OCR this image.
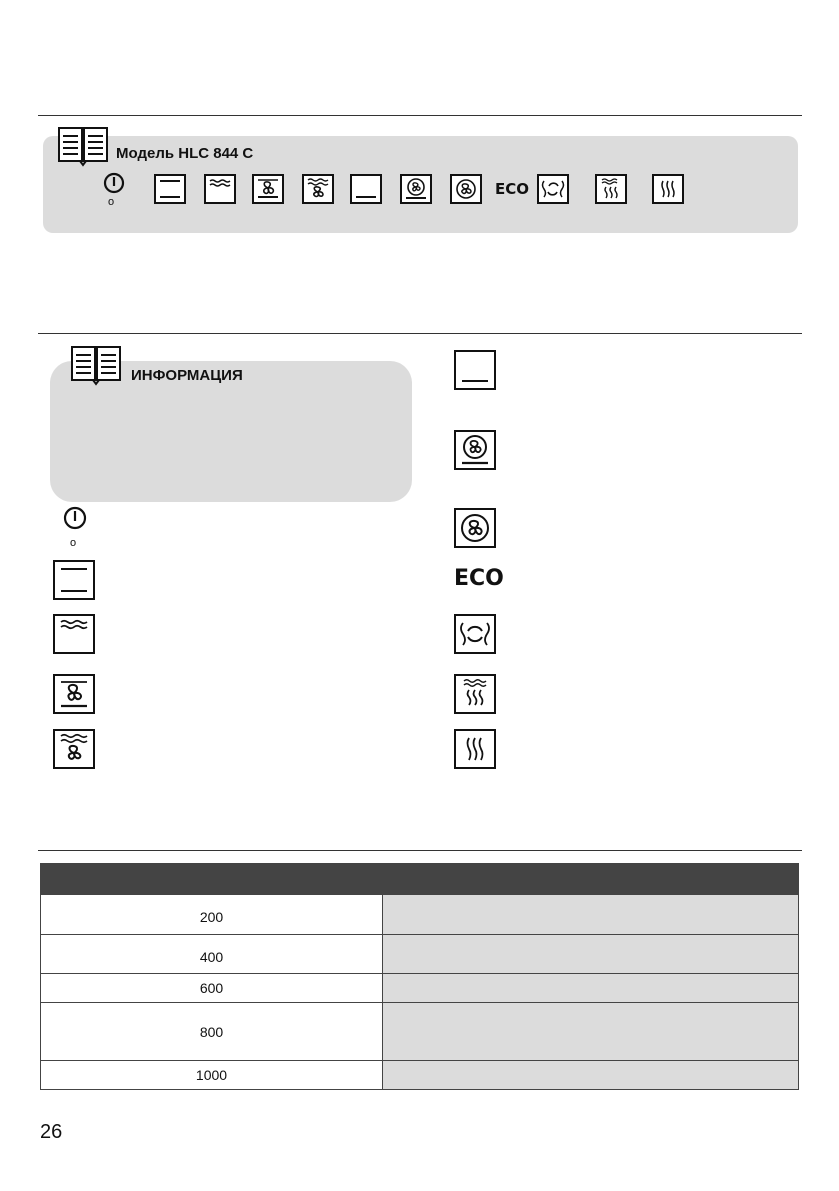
Модель HLC 844 C
o
ECO
ИНФОРМАЦИЯ
o
ECO

200	
400	
600	
800	
1000	
26
